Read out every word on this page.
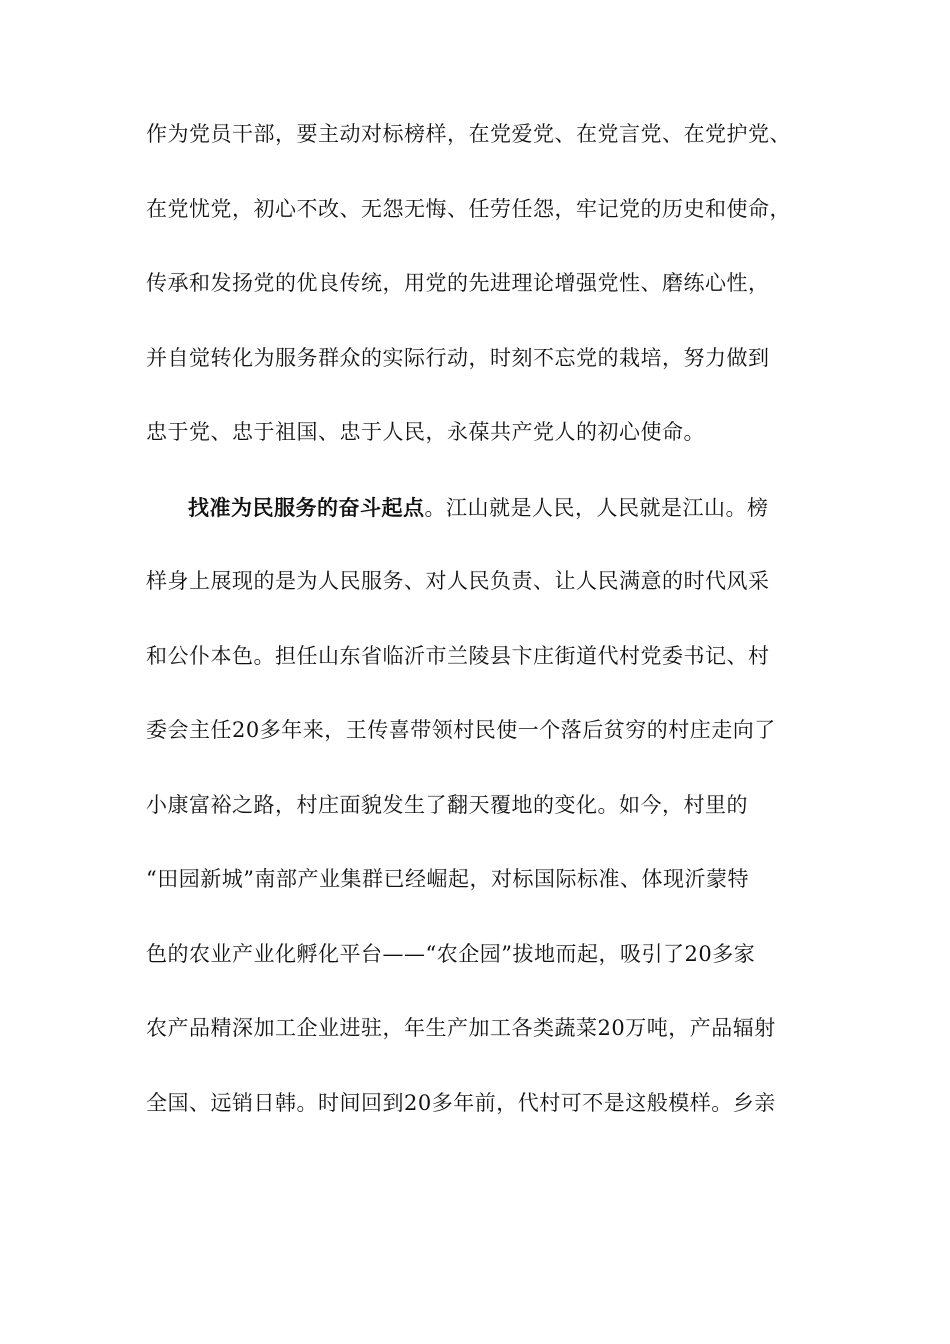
作为党员干部，要主动对标榜样，在党爱党、在党言党、在党护党、
在党忧党，初心不改、无怨无悔、任劳任怨，牢记党的历史和使命，
传承和发扬党的优良传统，用党的先进理论增强党性、磨练心性，
并自觉转化为服务群众的实际行动，时刻不忘党的栽培，努力做到
忠于党、忠于祖国、忠于人民，永葆共产党人的初心使命。
找准为民服务的奋斗起点。江山就是人民，人民就是江山。榜
样身上展现的是为人民服务、对人民负责、让人民满意的时代风采
和公仆本色。担任山东省临沂市兰陵县卞庄街道代村党委书记、村
委会主任20多年来，王传喜带领村民使一个落后贫穷的村庄走向了
小康富裕之路，村庄面貌发生了翻天覆地的变化。如今，村里的
“田园新城”南部产业集群已经崛起，对标国际标准、体现沂蒙特
色的农业产业化孵化平台——“农企园”拔地而起，吸引了20多家
农产品精深加工企业进驻，年生产加工各类蔬菜20万吨，产品辐射
全国、远销日韩。时间回到20多年前，代村可不是这般模样。乡亲
